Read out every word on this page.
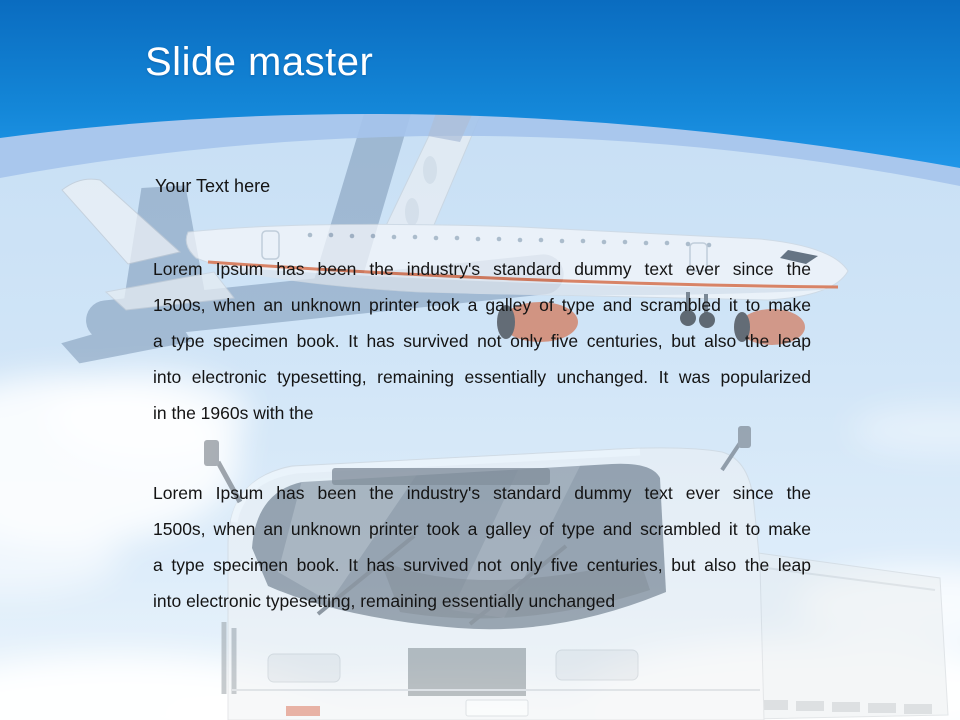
Slide master
Your Text here
Lorem Ipsum has been the industry's standard dummy text ever since the
1500s, when an unknown printer took a galley of type and scrambled it to make
a type specimen book. It has survived not only five centuries, but also the leap
into electronic typesetting, remaining essentially unchanged. It was popularized
in the 1960s with the
Lorem Ipsum has been the industry's standard dummy text ever since the
1500s, when an unknown printer took a galley of type and scrambled it to make
a type specimen book. It has survived not only five centuries, but also the leap
into electronic typesetting, remaining essentially unchanged
